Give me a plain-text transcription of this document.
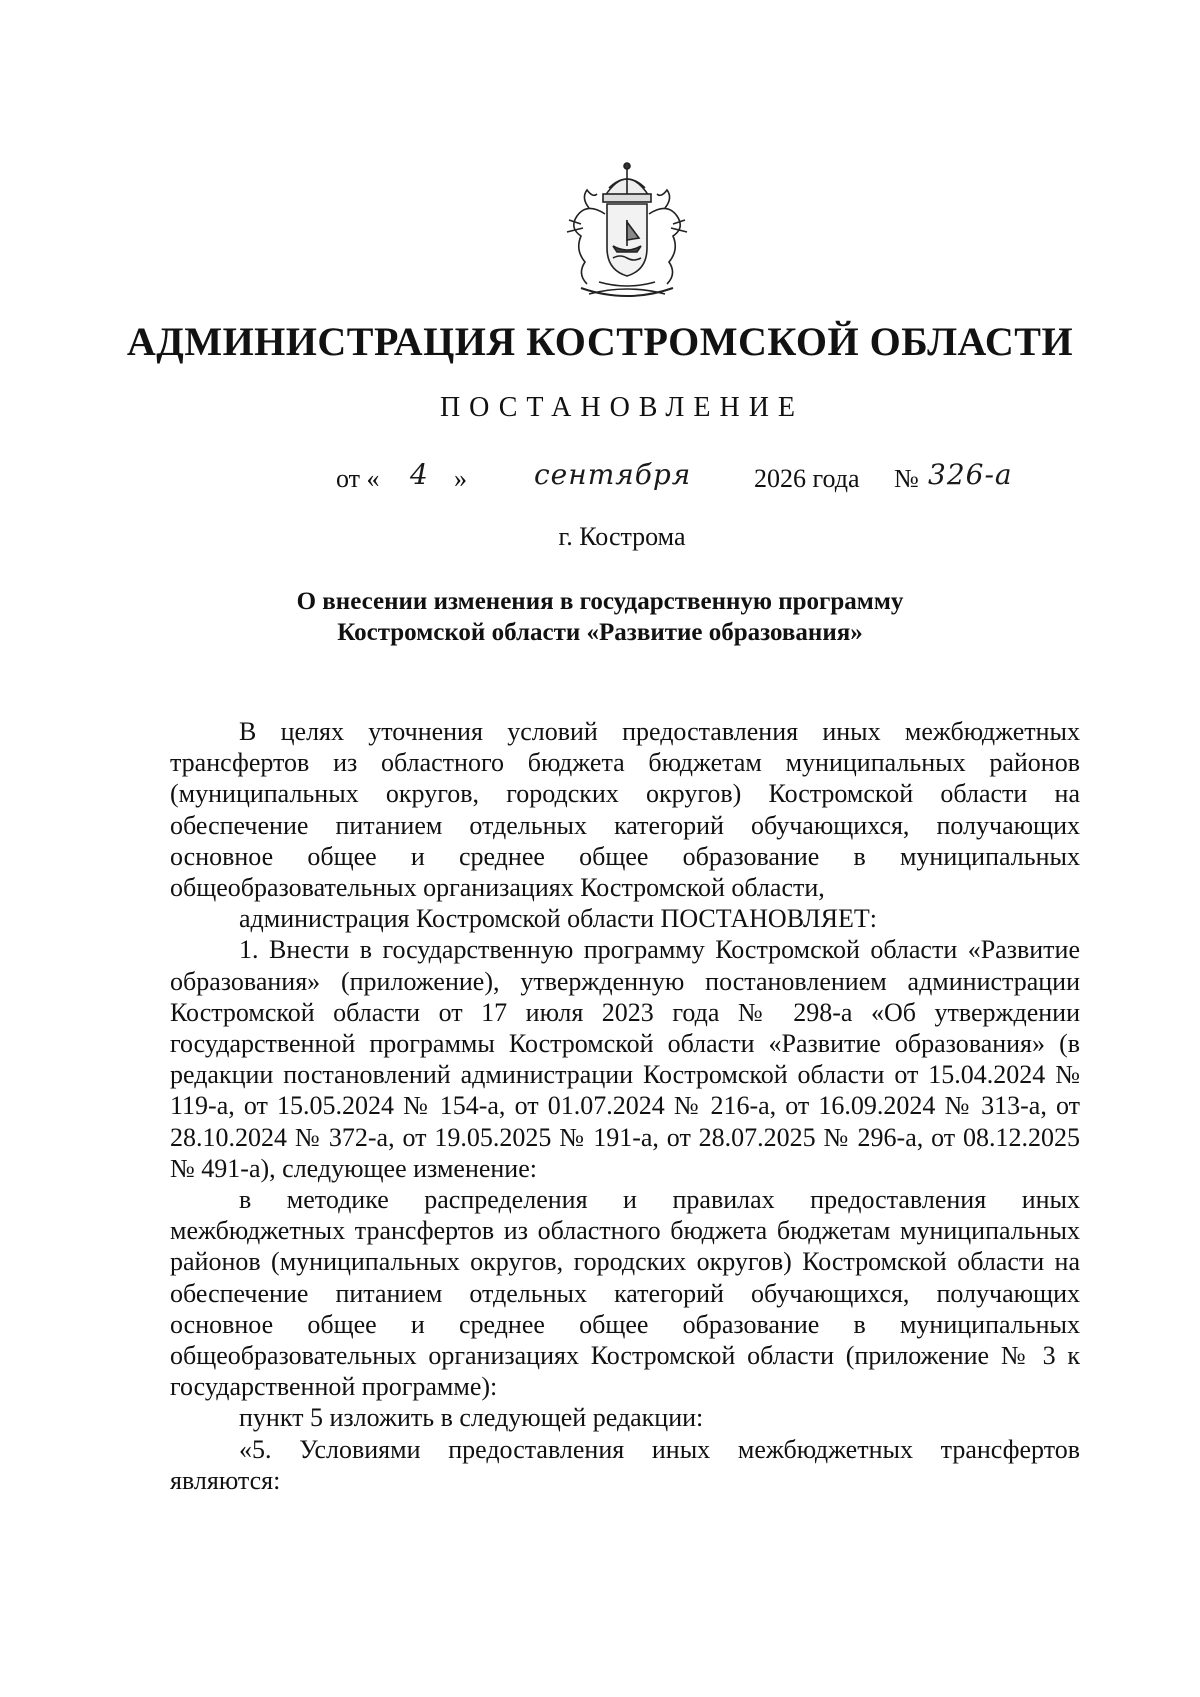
АДМИНИСТРАЦИЯ КОСТРОМСКОЙ ОБЛАСТИ
ПОСТАНОВЛЕНИЕ
от « 4 » сентября 2026 года № 326-а
г. Кострома
О внесении изменения в государственную программу
Костромской области «Развитие образования»

В целях уточнения условий предоставления иных межбюджетных трансфертов из областного бюджета бюджетам муниципальных районов (муниципальных округов, городских округов) Костромской области на обеспечение питанием отдельных категорий обучающихся, получающих основное общее и среднее общее образование в муниципальных общеобразовательных организациях Костромской области,

администрация Костромской области ПОСТАНОВЛЯЕТ:

1. Внести в государственную программу Костромской области «Развитие образования» (приложение), утвержденную постановлением администрации Костромской области от 17 июля 2023 года № 298-а «Об утверждении государственной программы Костромской области «Развитие образования» (в редакции постановлений администрации Костромской области от 15.04.2024 № 119-а, от 15.05.2024 № 154-а, от 01.07.2024 № 216-а, от 16.09.2024 № 313-а, от 28.10.2024 № 372-а, от 19.05.2025 № 191-а, от 28.07.2025 № 296-а, от 08.12.2025 № 491-а), следующее изменение:

в методике распределения и правилах предоставления иных межбюджетных трансфертов из областного бюджета бюджетам муниципальных районов (муниципальных округов, городских округов) Костромской области на обеспечение питанием отдельных категорий обучающихся, получающих основное общее и среднее общее образование в муниципальных общеобразовательных организациях Костромской области (приложение № 3 к государственной программе):

пункт 5 изложить в следующей редакции:

«5. Условиями предоставления иных межбюджетных трансфертов являются:
